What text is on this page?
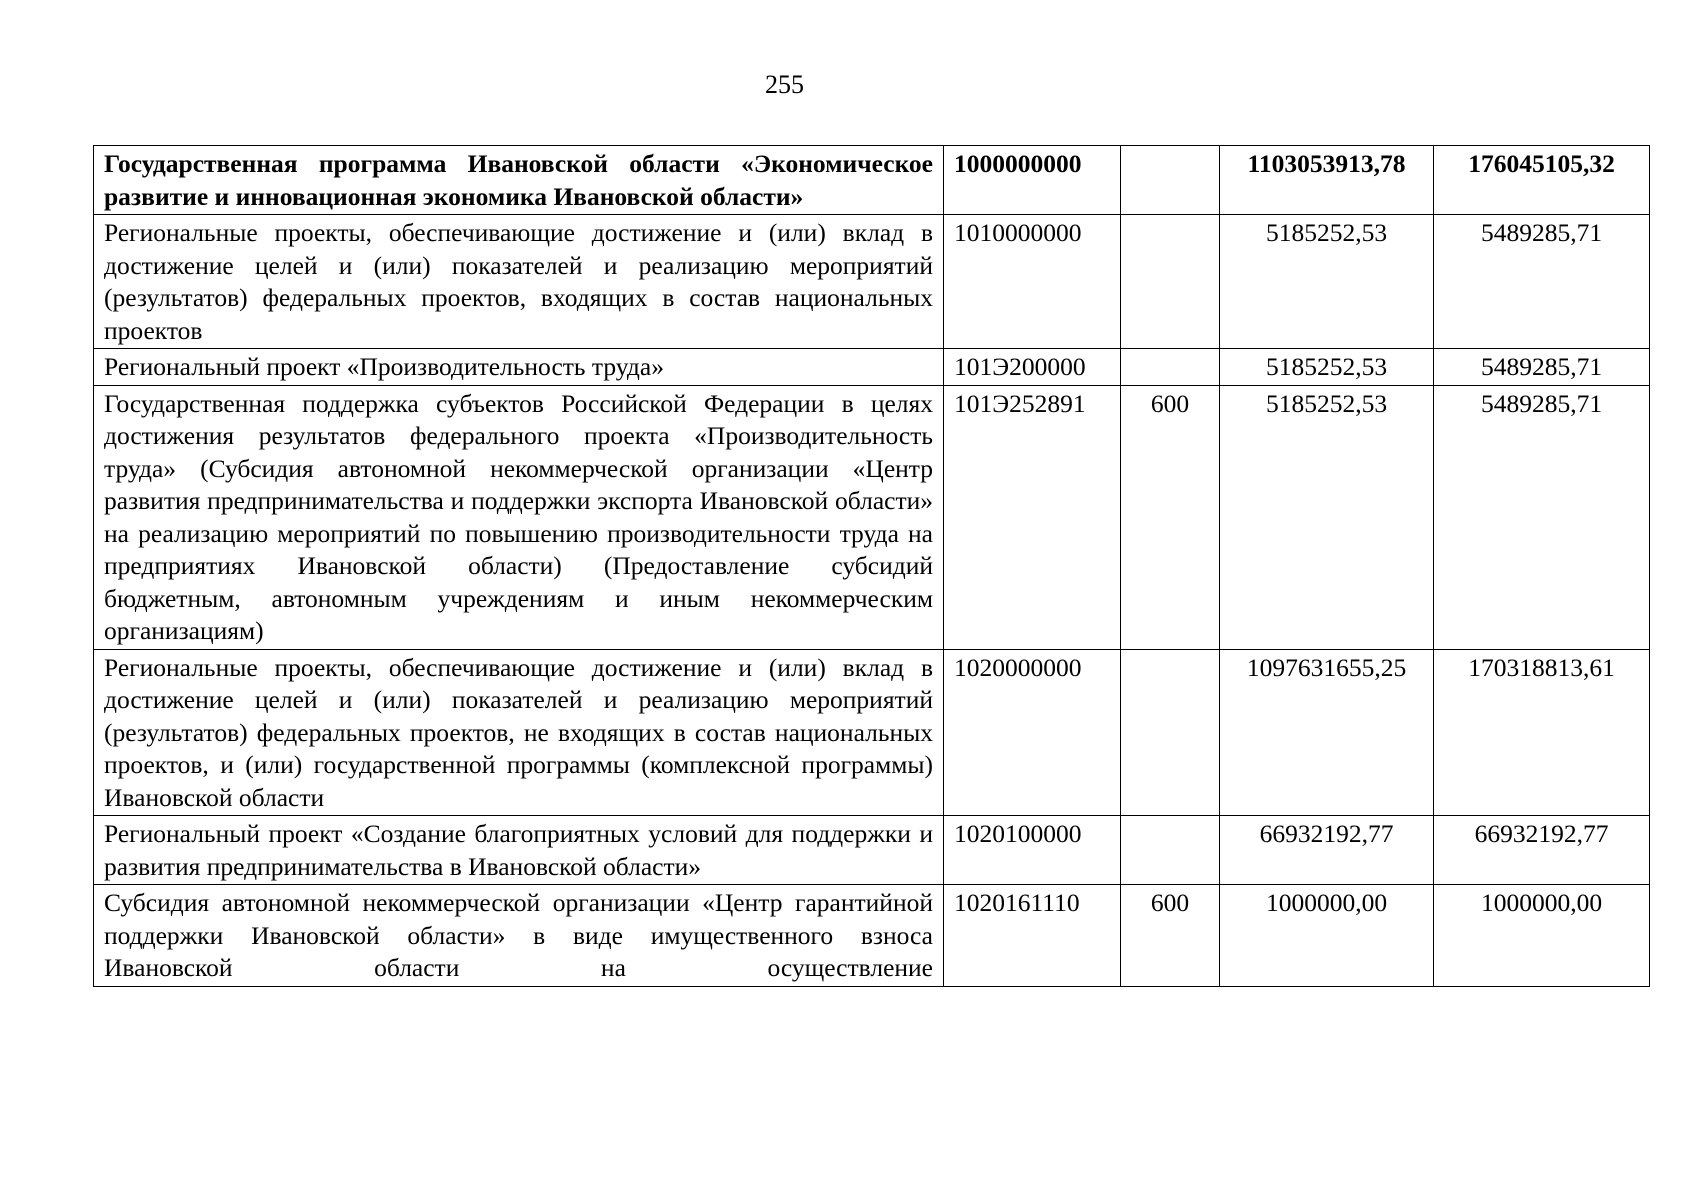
255
Государственная программа Ивановской области «Экономическое развитие и инновационная экономика Ивановской области»	1000000000		1103053913,78	176045105,32
Региональные проекты, обеспечивающие достижение и (или) вклад в достижение целей и (или) показателей и реализацию мероприятий (результатов) федеральных проектов, входящих в состав национальных проектов	1010000000		5185252,53	5489285,71
Региональный проект «Производительность труда»	101Э200000		5185252,53	5489285,71
Государственная поддержка субъектов Российской Федерации в целях достижения результатов федерального проекта «Производительность труда» (Субсидия автономной некоммерческой организации «Центр развития предпринимательства и поддержки экспорта Ивановской области» на реализацию мероприятий по повышению производительности труда на предприятиях Ивановской области) (Предоставление субсидий бюджетным, автономным учреждениям и иным некоммерческим организациям)	101Э252891	600	5185252,53	5489285,71
Региональные проекты, обеспечивающие достижение и (или) вклад в достижение целей и (или) показателей и реализацию мероприятий (результатов) федеральных проектов, не входящих в состав национальных проектов, и (или) государственной программы (комплексной программы) Ивановской области	1020000000		1097631655,25	170318813,61
Региональный проект «Создание благоприятных условий для поддержки и развития предпринимательства в Ивановской области»	1020100000		66932192,77	66932192,77
Субсидия автономной некоммерческой организации «Центр гарантийной поддержки Ивановской области» в виде имущественного взноса Ивановской области на осуществление	1020161110	600	1000000,00	1000000,00
